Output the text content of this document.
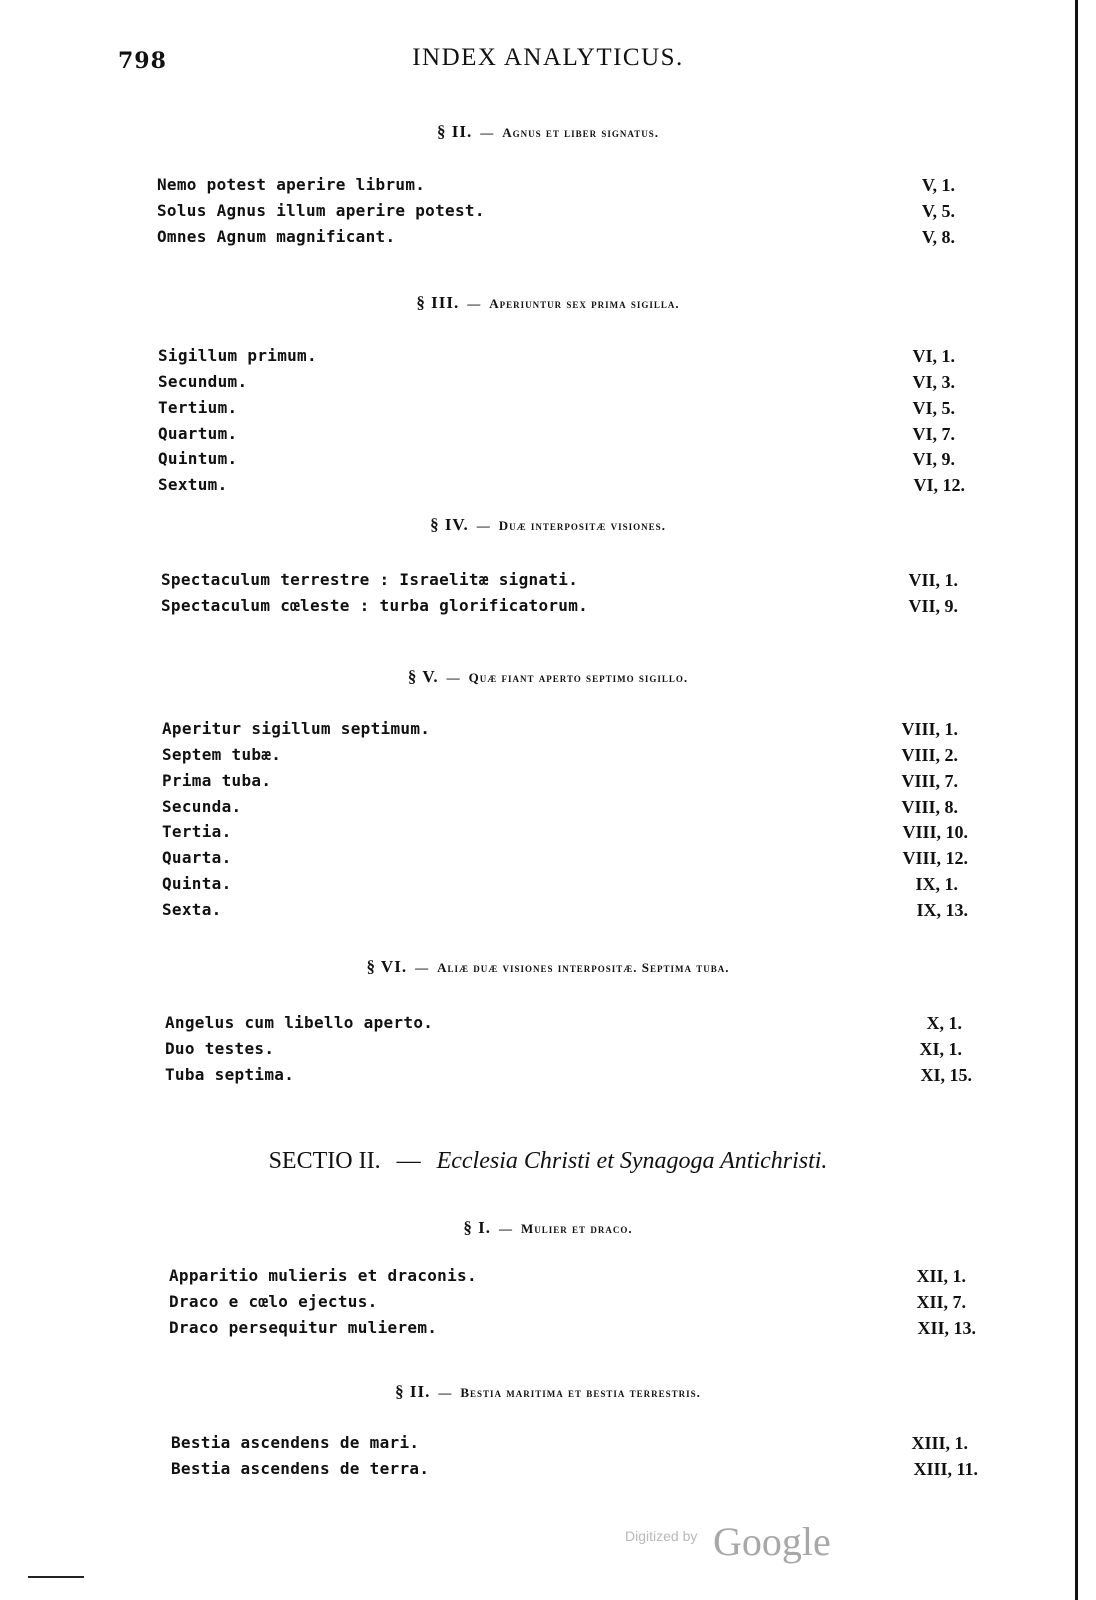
798	INDEX ANALYTICUS.
§ II. — Agnus et liber signatus.
Nemo potest aperire librum.	V, 1.
Solus Agnus illum aperire potest.	V, 5.
Omnes Agnum magnificant.	V, 8.
§ III. — Aperiuntur sex prima sigilla.
Sigillum primum.	VI, 1.
Secundum.	VI, 3.
Tertium.	VI, 5.
Quartum.	VI, 7.
Quintum.	VI, 9.
Sextum.	VI, 12.
§ IV. — Duæ interpositæ visiones.
Spectaculum terrestre : Israelitæ signati.	VII, 1.
Spectaculum cœleste : turba glorificatorum.	VII, 9.
§ V. — Quæ fiant aperto septimo sigillo.
Aperitur sigillum septimum.	VIII, 1.
Septem tubæ.	VIII, 2.
Prima tuba.	VIII, 7.
Secunda.	VIII, 8.
Tertia.	VIII, 10.
Quarta.	VIII, 12.
Quinta.	IX, 1.
Sexta.	IX, 13.
§ VI. — Aliæ duæ visiones interpositæ. Septima tuba.
Angelus cum libello aperto.	X, 1.
Duo testes.	XI, 1.
Tuba septima.	XI, 15.
SECTIO II. — Ecclesia Christi et Synagoga Antichristi.
§ I. — Mulier et draco.
Apparitio mulieris et draconis.	XII, 1.
Draco e cœlo ejectus.	XII, 7.
Draco persequitur mulierem.	XII, 13.
§ II. — Bestia maritima et bestia terrestris.
Bestia ascendens de mari.	XIII, 1.
Bestia ascendens de terra.	XIII, 11.
Digitized by Google
